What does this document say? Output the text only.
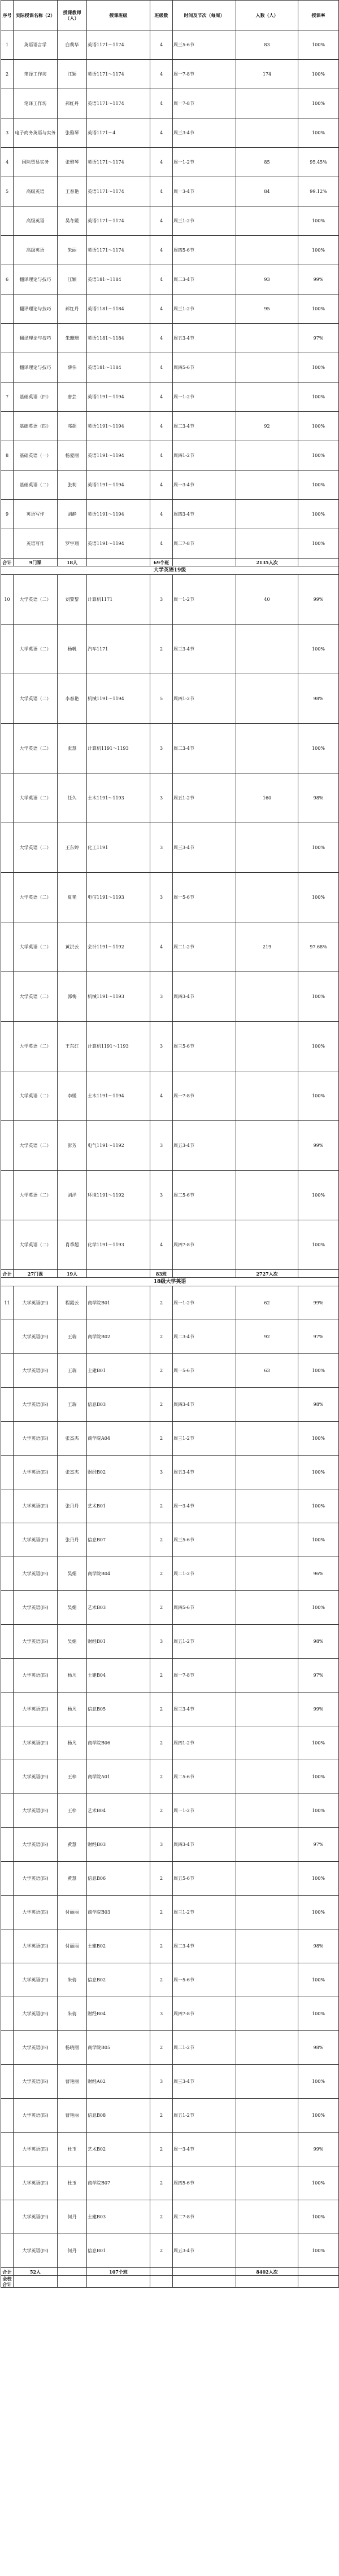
序号	实际授课名称（2）	授课教师（人）	授课班级	班级数	时间及节次（每周）	人数（人）	授课率
1	英语语言学	白莉华	英语1171～1174	4	周三5-6节	83	100%
2	笔译工作坊	江颖	英语1171～1174	4	周一7-8节	174	100%
	笔译工作坊	郝红丹	英语1171～1174	4	周一7-8节		100%
3	电子商务英语与实务	张雅琴	英语1171～4	4	周三3-4节		100%
4	国际贸易实务	张雅琴	英语1171～1174	4	周一1-2节	85	95.45%
5	高级英语	王春艳	英语1171～1174	4	周一3-4节	84	99.12%
	高级英语	吴冬媛	英语1171～1174	4	周三1-2节		100%
	高级英语	朱丽	英语1171～1174	4	周四5-6节		100%
6	翻译理论与技巧	江颖	英语181～1184	4	周二3-4节	93	99%
	翻译理论与技巧	郝红丹	英语1181～1184	4	周三1-2节	95	100%
	翻译理论与技巧	朱珊珊	英语1181～1184	4	周五3-4节		97%
	翻译理论与技巧	薛伟	英语181～1184	4	周四5-6节		100%
7	基础英语（四）	唐芸	英语1191～1194	4	周一1-2节		100%
	基础英语（四）	邓超	英语1191～1194	4	周二3-4节	92	100%
8	基础英语（一）	杨爱丽	英语1191～1194	4	周四1-2节		100%
	基础英语（二）	张莉	英语1191～1194	4	周一3-4节		100%
9	英语写作	刘静	英语1191～1194	4	周四3-4节		100%
	英语写作	罗宇翔	英语1191～1194	4	周二7-8节		100%
合计	9门课	18人		69个班		2135人次	
大学英语19级							
10	大学英语（二）	刘黎黎	计算机1171	3	周一1-2节	40	99%
	大学英语（二）	杨帆	汽车1171	2	周三3-4节		100%
	大学英语（二）	李春艳	机械1191～1194	5	周四1-2节		98%
	大学英语（二）	张慧	计算机1191～1193	3	周二3-4节		100%
	大学英语（二）	任久	土木1191～1193	3	周五1-2节	160	98%
	大学英语（二）	王东婷	化工1191	3	周三3-4节		100%
	大学英语（二）	夏艳	电信1191～1193	3	周一5-6节		100%
	大学英语（二）	黄洪云	会计1191～1192	4	周二1-2节	219	97.68%
	大学英语（二）	郭梅	机械1191～1193	3	周四3-4节		100%
	大学英语（二）	王东红	计算机1191～1193	3	周三5-6节		100%
	大学英语（二）	李媛	土木1191～1194	4	周一7-8节		100%
	大学英语（二）	彭芳	电气1191～1192	3	周五3-4节		99%
	大学英语（二）	刘洋	环境1191～1192	3	周二5-6节		100%
	大学英语（二）	肖季超	化学1191～1193	4	周四7-8节		100%
合计	27门课	19人		83班		2727人次	
18级大学英语							
11	大学英语(四)	程霞云	商学院B01	2	周一1-2节	62	99%
	大学英语(四)	王瑞	商学院B02	2	周二3-4节	92	97%
	大学英语(四)	王瑞	土建B01	2	周一5-6节	63	100%
	大学英语(四)	王瑞	信息B03	2	周四3-4节		98%
	大学英语(四)	张杰杰	商学院A04	2	周三1-2节		100%
	大学英语(四)	张杰杰	财经B02	3	周五3-4节		100%
	大学英语(四)	张丹丹	艺术B01	2	周一3-4节		100%
	大学英语(四)	张丹丹	信息B07	2	周三5-6节		100%
	大学英语(四)	吴娟	商学院B04	2	周二1-2节		96%
	大学英语(四)	吴娟	艺术B03	2	周四5-6节		100%
	大学英语(四)	吴娟	财经B01	3	周五1-2节		98%
	大学英语(四)	杨凡	土建B04	2	周一7-8节		97%
	大学英语(四)	杨凡	信息B05	2	周三3-4节		99%
	大学英语(四)	杨凡	商学院B06	2	周四1-2节		100%
	大学英语(四)	王梓	商学院A01	2	周二5-6节		100%
	大学英语(四)	王梓	艺术B04	2	周一1-2节		100%
	大学英语(四)	黄慧	财经B03	3	周四3-4节		97%
	大学英语(四)	黄慧	信息B06	2	周五5-6节		100%
	大学英语(四)	付丽丽	商学院B03	2	周三1-2节		100%
	大学英语(四)	付丽丽	土建B02	2	周二3-4节		98%
	大学英语(四)	朱倩	信息B02	2	周一5-6节		100%
	大学英语(四)	朱倩	财经B04	3	周四7-8节		100%
	大学英语(四)	杨晓丽	商学院B05	2	周二1-2节		98%
	大学英语(四)	曹艳丽	财经A02	3	周三3-4节		100%
	大学英语(四)	曹艳丽	信息B08	2	周五1-2节		100%
	大学英语(四)	杜玉	艺术B02	2	周一3-4节		99%
	大学英语(四)	杜玉	商学院B07	2	周四5-6节		100%
	大学英语(四)	何丹	土建B03	2	周二7-8节		100%
	大学英语(四)	何丹	信息B01	2	周五3-4节		100%
合计	52人		107个班			8402人次	
全校合计							
